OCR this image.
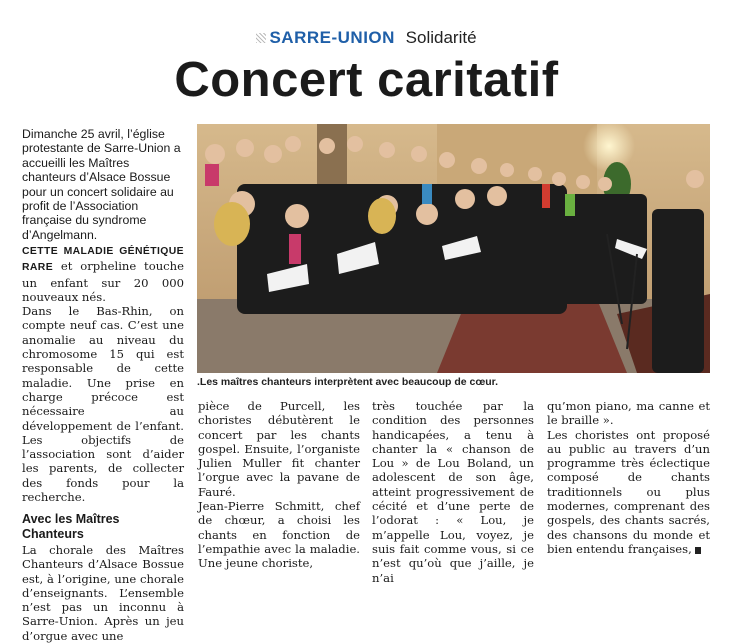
SARRE-UNION Solidarité
Concert caritatif

Dimanche 25 avril, l’église protestante de Sarre-Union a accueilli les Maîtres chanteurs d’Alsace Bossue pour un concert solidaire au profit de l’Association française du syndrome d’Angelmann.

CETTE MALADIE GÉNÉTIQUE RARE et orpheline touche un enfant sur 20 000 nouveaux nés.

Dans le Bas-Rhin, on compte neuf cas. C’est une anomalie au niveau du chromosome 15 qui est responsable de cette maladie. Une prise en charge précoce est nécessaire au développement de l’enfant. Les objectifs de l’association sont d’aider les parents, de collecter des fonds pour la recherche.

Avec les Maîtres Chanteurs

La chorale des Maîtres Chanteurs d’Alsace Bossue est, à l’origine, une chorale d’enseignants. L’ensemble n’est pas un inconnu à Sarre-Union. Après un jeu d’orgue avec une

.Les maîtres chanteurs interprètent avec beaucoup de cœur.

pièce de Purcell, les choristes débutèrent le concert par les chants gospel. Ensuite, l’organiste Julien Muller fit chanter l’orgue avec la pavane de Fauré.

Jean-Pierre Schmitt, chef de chœur, a choisi les chants en fonction de l’empathie avec la maladie. Une jeune choriste,

très touchée par la condition des personnes handicapées, a tenu à chanter la « chanson de Lou » de Lou Boland, un adolescent de son âge, atteint progressivement de cécité et d’une perte de l’odorat : « Lou, je m’appelle Lou, voyez, je suis fait comme vous, si ce n’est qu’où que j’aille, je n’ai

qu’mon piano, ma canne et le braille ».

Les choristes ont proposé au public au travers d’un programme très éclectique composé de chants traditionnels ou plus modernes, comprenant des gospels, des chants sacrés, des chansons du monde et bien entendu françaises,
